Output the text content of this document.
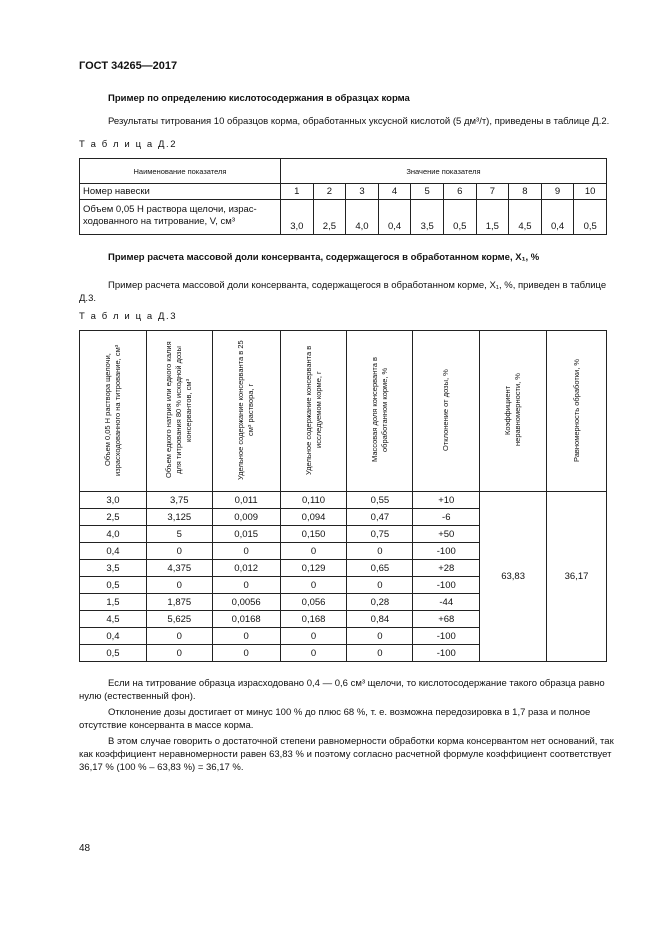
ГОСТ 34265—2017
Пример по определению кислотосодержания в образцах корма
Результаты титрования 10 образцов корма, обработанных уксусной кислотой (5 дм³/т), приведены в таблице Д.2.
Т а б л и ц а Д.2
Наименование показателя	Значение показателя									
Номер навески	1	2	3	4	5	6	7	8	9	10
Объем 0,05 Н раствора щелочи, израс-
ходованного на титрование, V, см³	3,0	2,5	4,0	0,4	3,5	0,5	1,5	4,5	0,4	0,5
Пример расчета массовой доли консерванта, содержащегося в обработанном корме, X₁, %
Пример расчета массовой доли консерванта, содержащегося в обработанном корме, X₁, %, приведен в таблице Д.3.
Т а б л и ц а Д.3
Объем 0,05 Н раствора щелочи, израсходованного на титрование, см³	Объем едкого натрия или едкого калия для титрования 80 % исходной дозы консервантов, см³	Удельное содержание консерванта в 25 см³ раствора, г	Удельное содержание консерванта в исследуемом корме, г	Массовая доля консерванта в обработанном корме, %	Отклонение от дозы, %	Коэффициент неравномерности, %	Равномерность обработки, %
3,0	3,75	0,011	0,110	0,55	+10	63,83	36,17
2,5	3,125	0,009	0,094	0,47	-6		
4,0	5	0,015	0,150	0,75	+50		
0,4	0	0	0	0	-100		
3,5	4,375	0,012	0,129	0,65	+28		
0,5	0	0	0	0	-100		
1,5	1,875	0,0056	0,056	0,28	-44		
4,5	5,625	0,0168	0,168	0,84	+68		
0,4	0	0	0	0	-100		
0,5	0	0	0	0	-100		

Если на титрование образца израсходовано 0,4 — 0,6 см³ щелочи, то кислотосодержание такого образца равно нулю (естественный фон).

Отклонение дозы достигает от минус 100 % до плюс 68 %, т. е. возможна передозировка в 1,7 раза и полное отсутствие консерванта в массе корма.

В этом случае говорить о достаточной степени равномерности обработки корма консервантом нет оснований, так как коэффициент неравномерности равен 63,83 % и поэтому согласно расчетной формуле коэффициент соответствует 36,17 % (100 % – 63,83 %) = 36,17 %.

48
